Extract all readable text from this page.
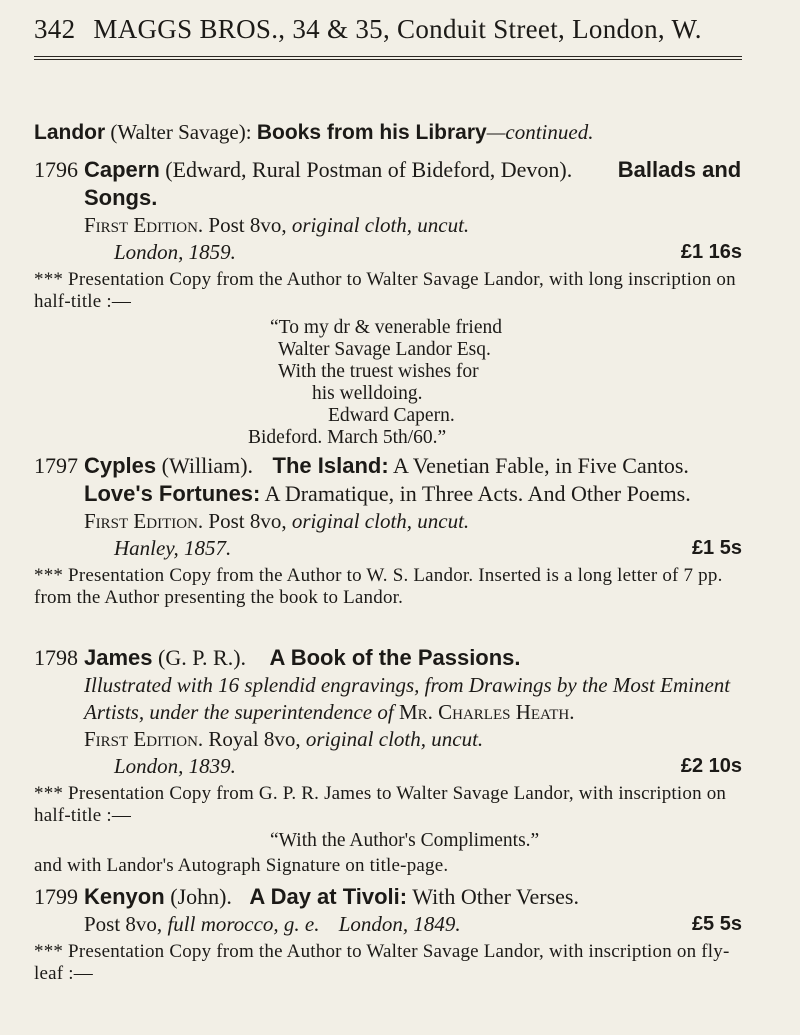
342 MAGGS BROS., 34 & 35, Conduit Street, London, W.
Landor (Walter Savage): Books from his Library—continued.
1796 Capern (Edward, Rural Postman of Bideford, Devon). Ballads and Songs.
First Edition. Post 8vo, original cloth, uncut.
London, 1859.	£1 16s
*** Presentation Copy from the Author to Walter Savage Landor, with long inscription on half-title :—
“To my dr & venerable friend
Walter Savage Landor Esq.
With the truest wishes for
his welldoing.
Edward Capern.
Bideford. March 5th/60.”
1797 Cyples (William). The Island: A Venetian Fable, in Five Cantos. Love's Fortunes: A Dramatique, in Three Acts. And Other Poems.
First Edition. Post 8vo, original cloth, uncut.
Hanley, 1857.	£1 5s
*** Presentation Copy from the Author to W. S. Landor. Inserted is a long letter of 7 pp. from the Author presenting the book to Landor.
1798 James (G. P. R.). A Book of the Passions.
Illustrated with 16 splendid engravings, from Drawings by the Most Eminent Artists, under the superintendence of Mr. Charles Heath.
First Edition. Royal 8vo, original cloth, uncut.
London, 1839.	£2 10s
*** Presentation Copy from G. P. R. James to Walter Savage Landor, with inscription on half-title :—
“With the Author's Compliments.”
and with Landor's Autograph Signature on title-page.
1799 Kenyon (John). A Day at Tivoli: With Other Verses.
Post 8vo, full morocco, g. e. London, 1849.	£5 5s
*** Presentation Copy from the Author to Walter Savage Landor, with inscription on fly-leaf :—
